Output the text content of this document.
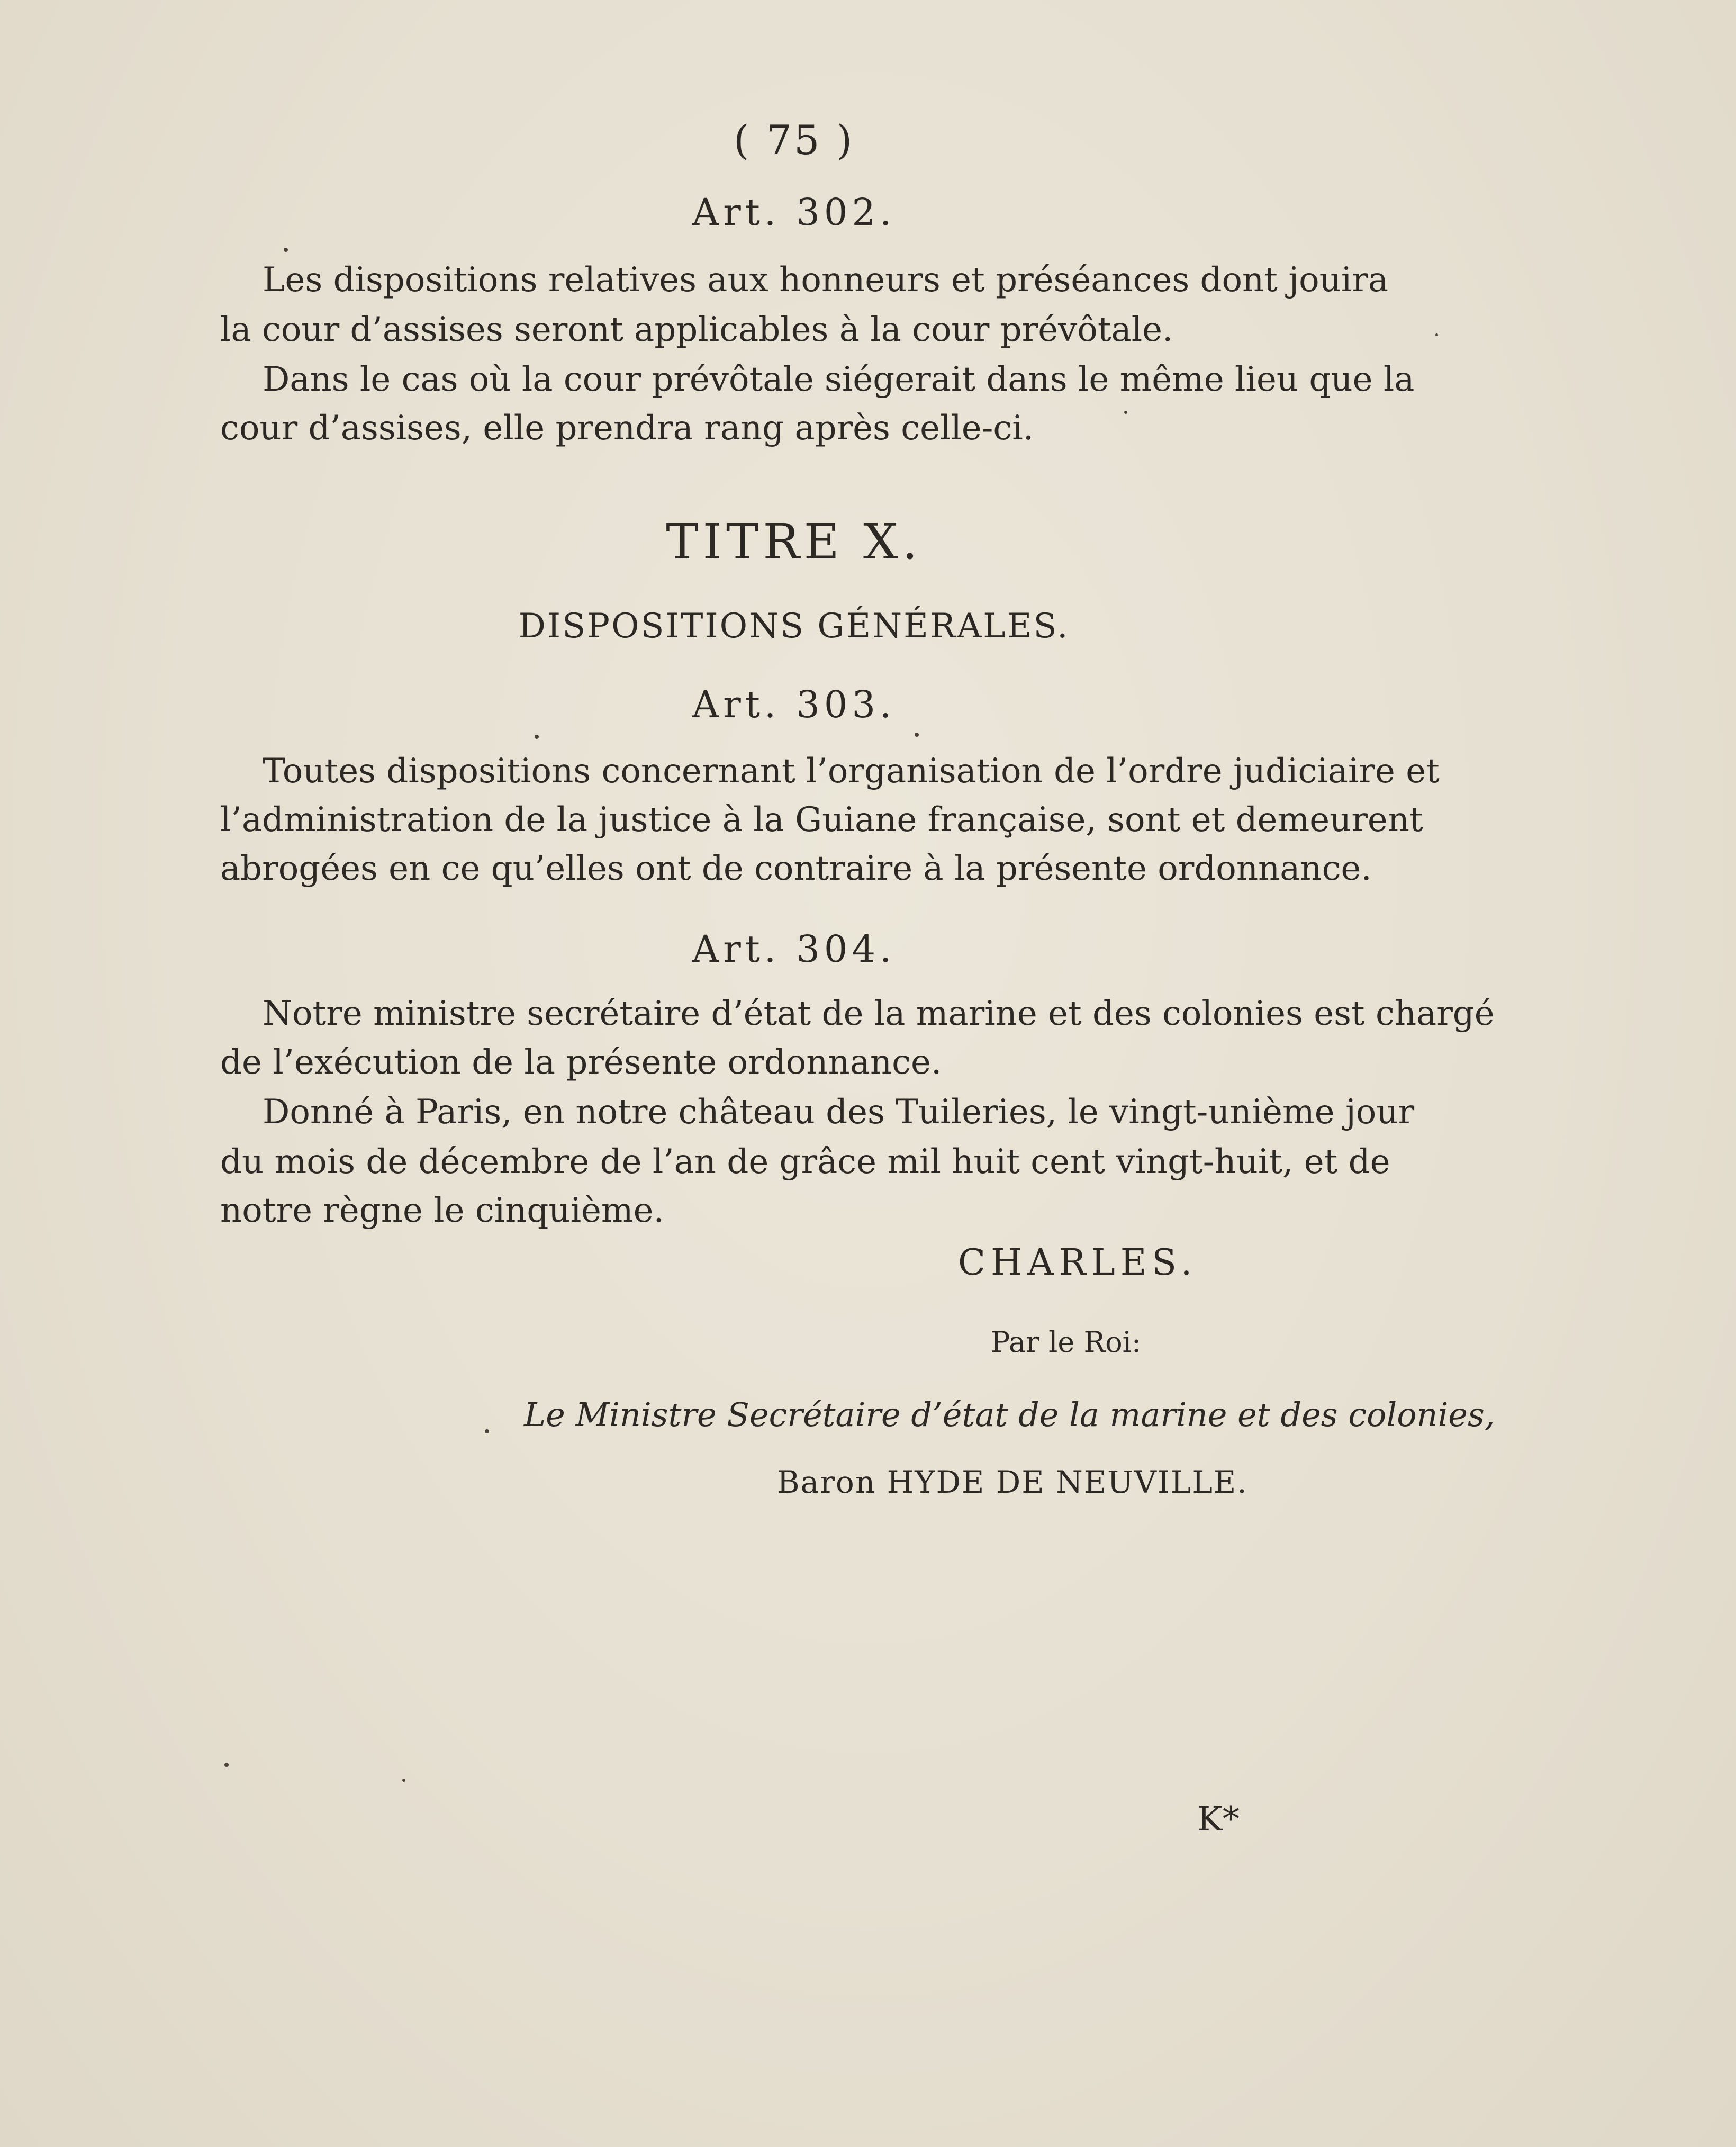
( 75 )

Art. 302.

Les dispositions relatives aux honneurs et préséances dont jouira

la cour d’assises seront applicables à la cour prévôtale.

Dans le cas où la cour prévôtale siégerait dans le même lieu que la

cour d’assises, elle prendra rang après celle-ci.

TITRE X.

DISPOSITIONS GÉNÉRALES.

Art. 303.

Toutes dispositions concernant l’organisation de l’ordre judiciaire et

l’administration de la justice à la Guiane française, sont et demeurent

abrogées en ce qu’elles ont de contraire à la présente ordonnance.

Art. 304.

Notre ministre secrétaire d’état de la marine et des colonies est chargé

de l’exécution de la présente ordonnance.

Donné à Paris, en notre château des Tuileries, le vingt-unième jour

du mois de décembre de l’an de grâce mil huit cent vingt-huit, et de

notre règne le cinquième.

CHARLES.

Par le Roi:

Le Ministre Secrétaire d’état de la marine et des colonies,

Baron HYDE DE NEUVILLE.

K*
